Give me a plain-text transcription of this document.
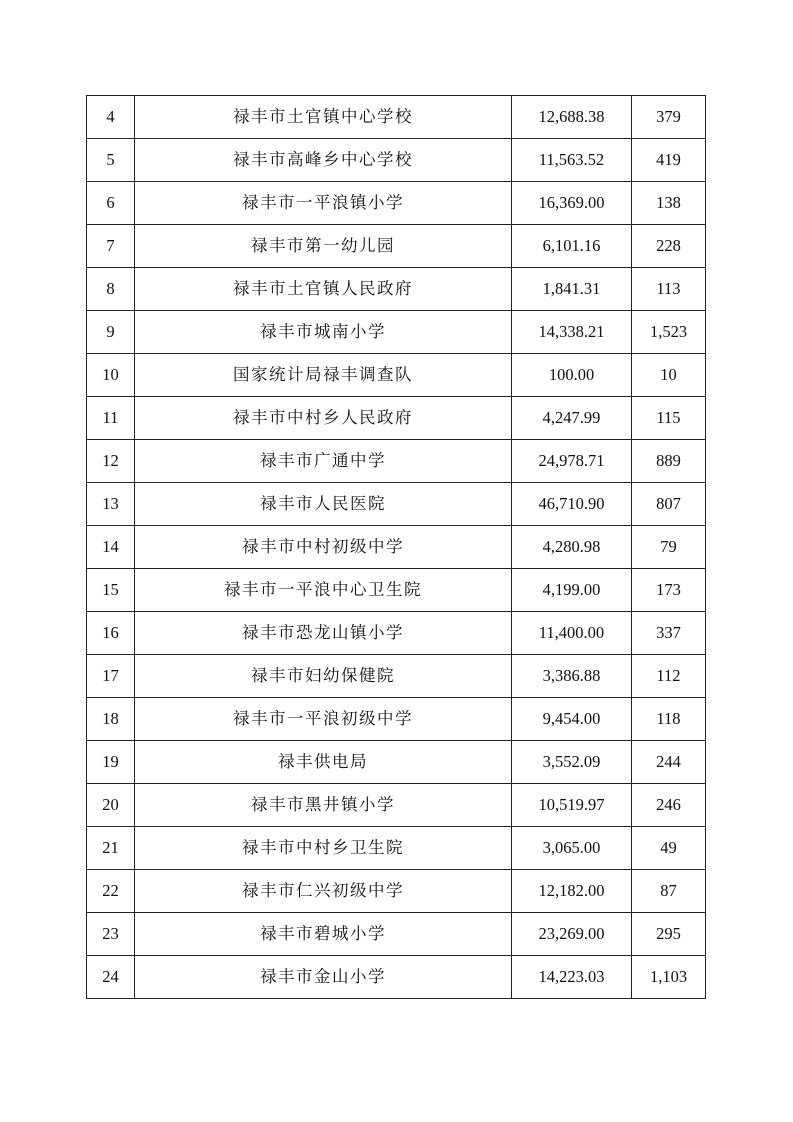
4	禄丰市土官镇中心学校	12,688.38	379
5	禄丰市高峰乡中心学校	11,563.52	419
6	禄丰市一平浪镇小学	16,369.00	138
7	禄丰市第一幼儿园	6,101.16	228
8	禄丰市土官镇人民政府	1,841.31	113
9	禄丰市城南小学	14,338.21	1,523
10	国家统计局禄丰调查队	100.00	10
11	禄丰市中村乡人民政府	4,247.99	115
12	禄丰市广通中学	24,978.71	889
13	禄丰市人民医院	46,710.90	807
14	禄丰市中村初级中学	4,280.98	79
15	禄丰市一平浪中心卫生院	4,199.00	173
16	禄丰市恐龙山镇小学	11,400.00	337
17	禄丰市妇幼保健院	3,386.88	112
18	禄丰市一平浪初级中学	9,454.00	118
19	禄丰供电局	3,552.09	244
20	禄丰市黑井镇小学	10,519.97	246
21	禄丰市中村乡卫生院	3,065.00	49
22	禄丰市仁兴初级中学	12,182.00	87
23	禄丰市碧城小学	23,269.00	295
24	禄丰市金山小学	14,223.03	1,103
